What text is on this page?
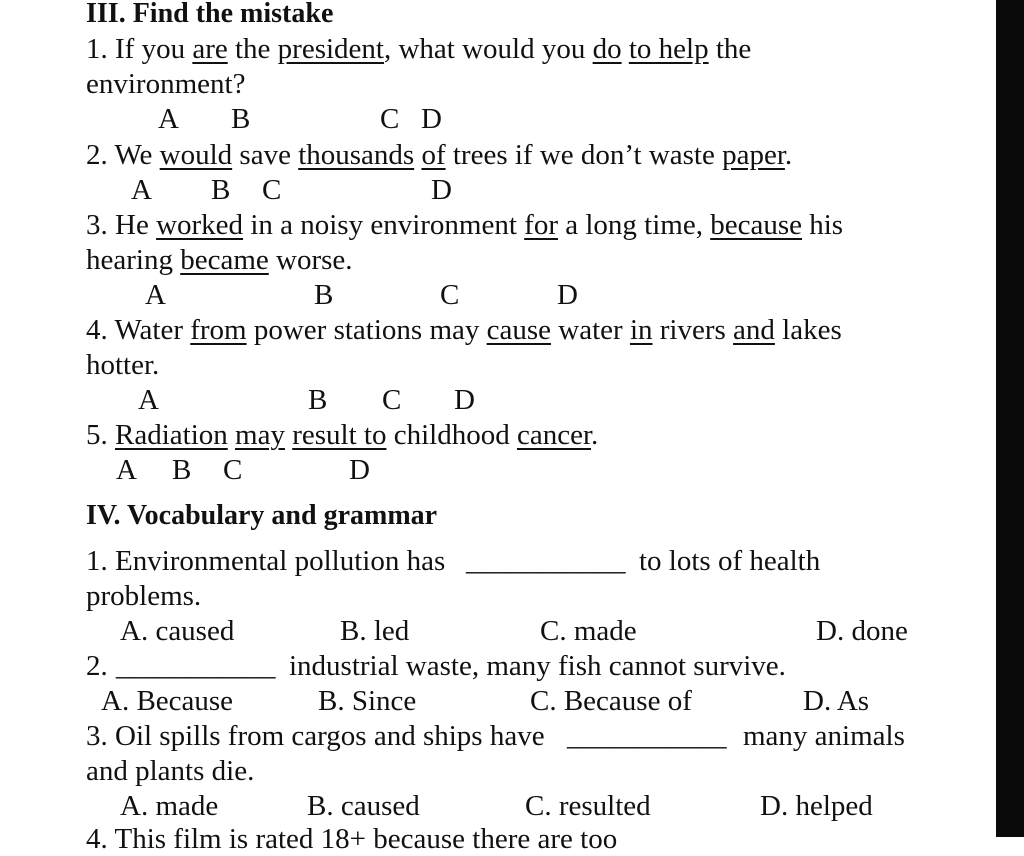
III. Find the mistake
1. If you are the president, what would you do to help the
environment?
A B	C D
2. We would save thousands of trees if we don’t waste paper.
A B C	D
3. He worked in a noisy environment for a long time, because his
hearing became worse.
A	B	C	D
4. Water from power stations may cause water in rivers and lakes
hotter.
A	B C D
5. Radiation may result to childhood cancer.
A B C	D
IV. Vocabulary and grammar
1. Environmental pollution has ___________ to lots of health
problems.
A. caused	B. led	C. made	D. done
2. ___________ industrial waste, many fish cannot survive.
A. Because	B. Since	C. Because of	D. As
3. Oil spills from cargos and ships have ___________ many animals
and plants die.
A. made	B. caused	C. resulted	D. helped
4. This film is rated 18+ because there are too
